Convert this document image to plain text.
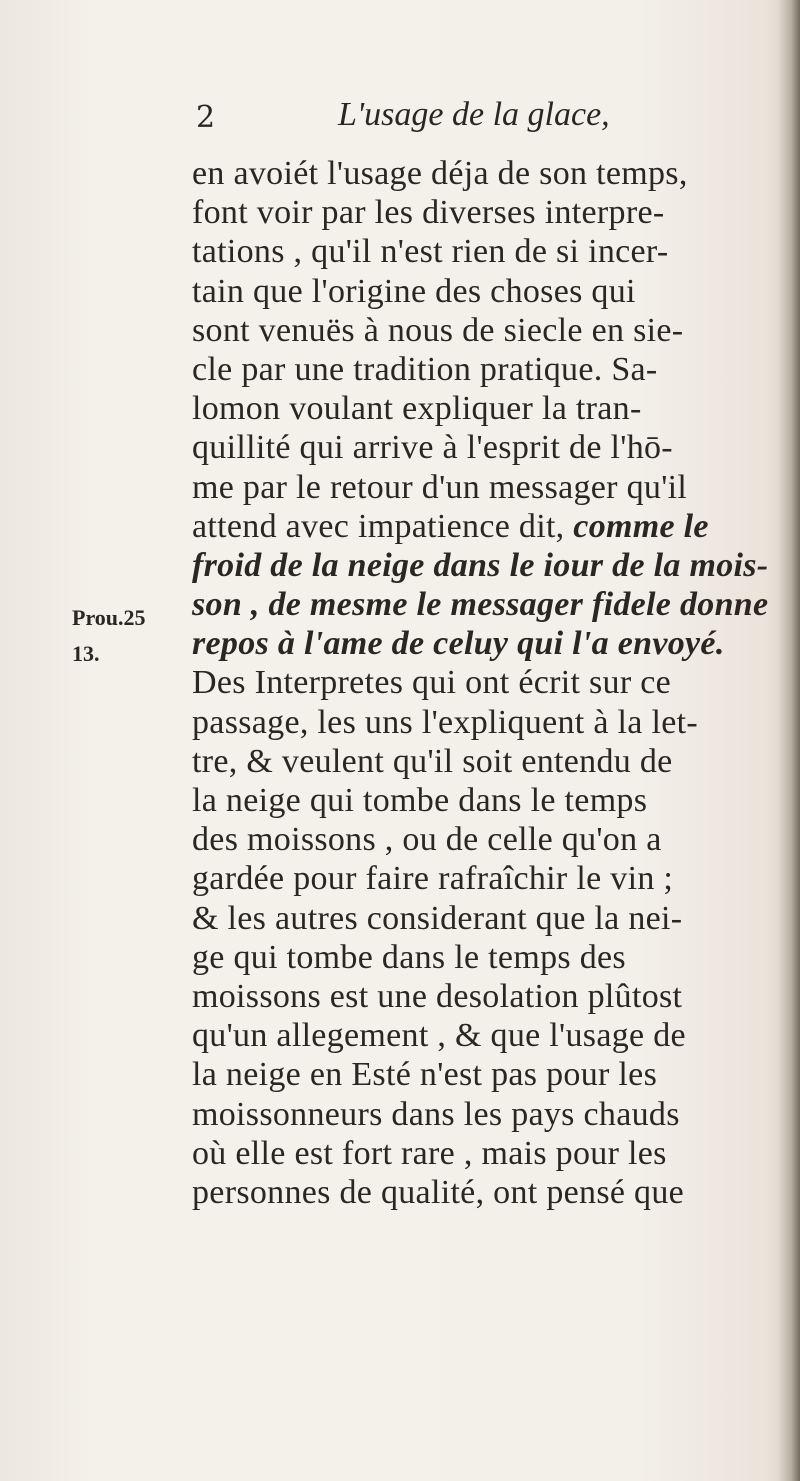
2	L'usage de la glace,
Prou.25
13.
en avoiét l'usage déja de son temps,
font voir par les diverses interpre-
tations , qu'il n'est rien de si incer-
tain que l'origine des choses qui
sont venuës à nous de siecle en sie-
cle par une tradition pratique. Sa-
lomon voulant expliquer la tran-
quillité qui arrive à l'esprit de l'hō-
me par le retour d'un messager qu'il
attend avec impatience dit, comme le
froid de la neige dans le iour de la mois-
son , de mesme le messager fidele donne
repos à l'ame de celuy qui l'a envoyé.
Des Interpretes qui ont écrit sur ce
passage, les uns l'expliquent à la let-
tre, & veulent qu'il soit entendu de
la neige qui tombe dans le temps
des moissons , ou de celle qu'on a
gardée pour faire rafraîchir le vin ;
& les autres considerant que la nei-
ge qui tombe dans le temps des
moissons est une desolation plûtost
qu'un allegement , & que l'usage de
la neige en Esté n'est pas pour les
moissonneurs dans les pays chauds
où elle est fort rare , mais pour les
personnes de qualité, ont pensé que
